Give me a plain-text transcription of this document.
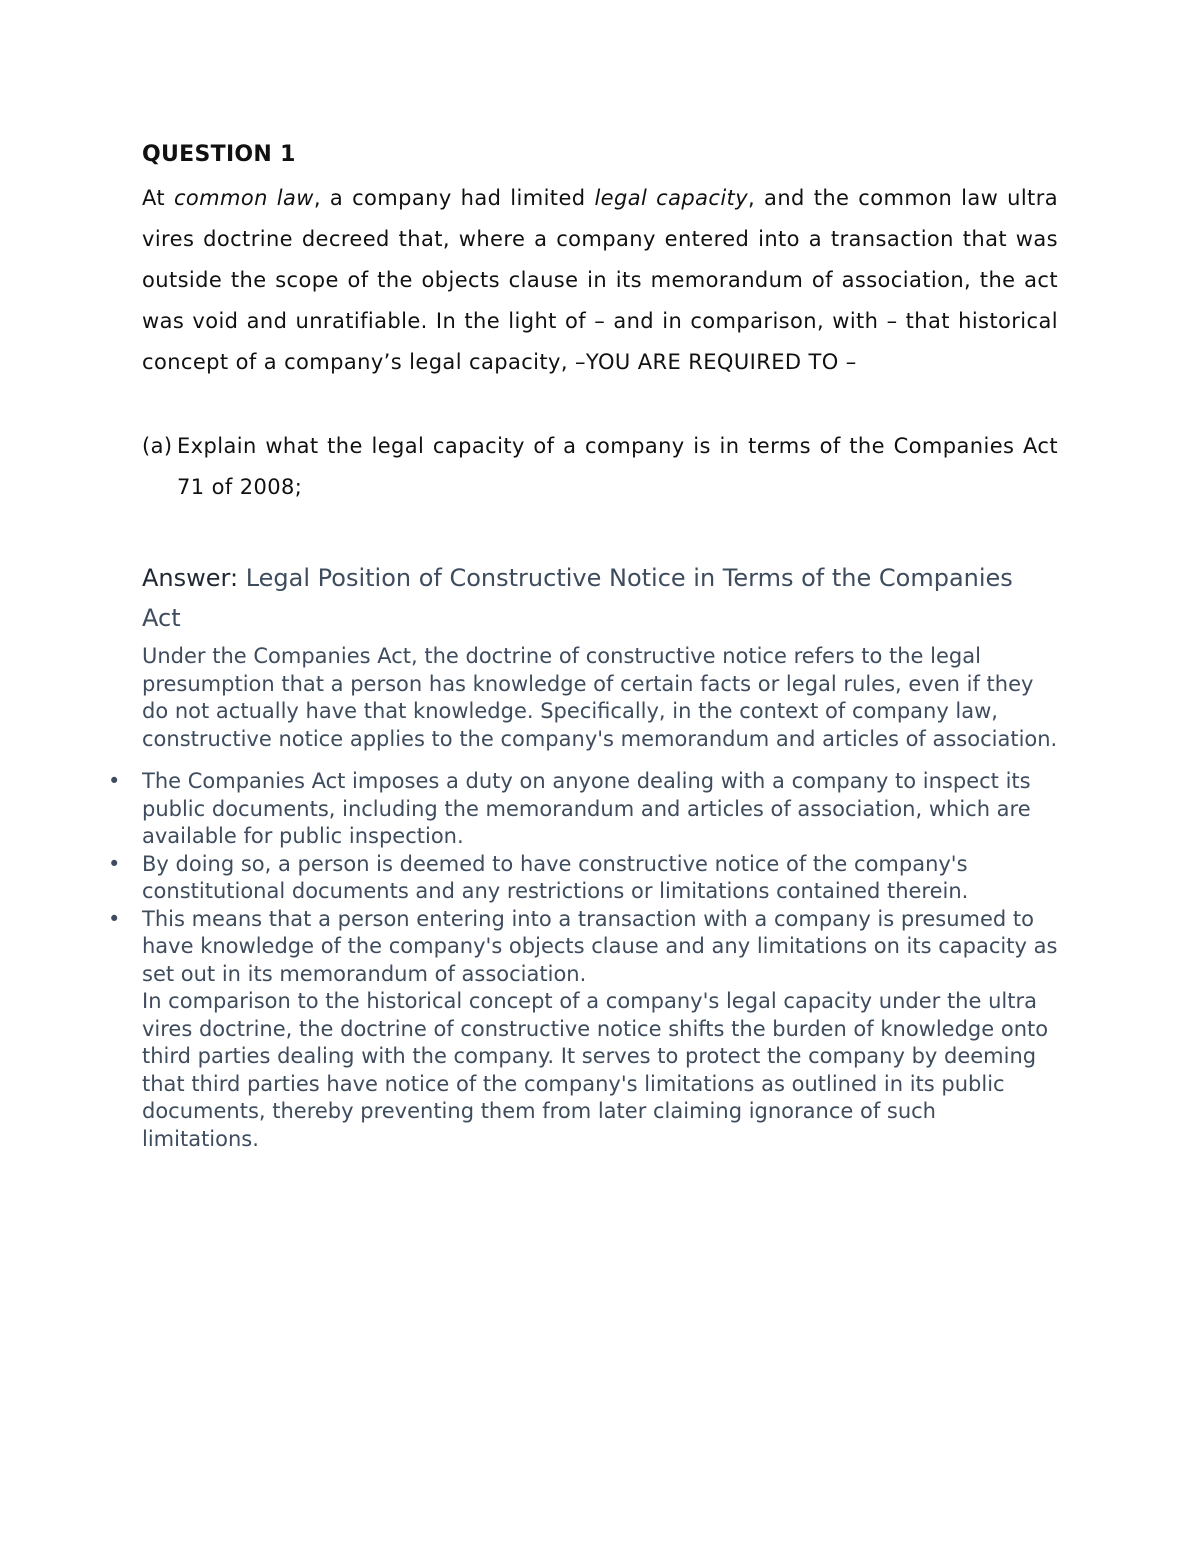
QUESTION 1

At common law, a company had limited legal capacity, and the common law ultra vires doctrine decreed that, where a company entered into a transaction that was outside the scope of the objects clause in its memorandum of association, the act was void and unratifiable. In the light of – and in comparison, with – that historical concept of a company’s legal capacity, –YOU ARE REQUIRED TO –

(a) Explain what the legal capacity of a company is in terms of the Companies Act 71 of 2008;
Answer: Legal Position of Constructive Notice in Terms of the Companies Act
Under the Companies Act, the doctrine of constructive notice refers to the legal presumption that a person has knowledge of certain facts or legal rules, even if they do not actually have that knowledge. Specifically, in the context of company law, constructive notice applies to the company's memorandum and articles of association.
• The Companies Act imposes a duty on anyone dealing with a company to inspect its public documents, including the memorandum and articles of association, which are available for public inspection.
• By doing so, a person is deemed to have constructive notice of the company's constitutional documents and any restrictions or limitations contained therein.
• This means that a person entering into a transaction with a company is presumed to have knowledge of the company's objects clause and any limitations on its capacity as set out in its memorandum of association.
In comparison to the historical concept of a company's legal capacity under the ultra vires doctrine, the doctrine of constructive notice shifts the burden of knowledge onto third parties dealing with the company. It serves to protect the company by deeming that third parties have notice of the company's limitations as outlined in its public documents, thereby preventing them from later claiming ignorance of such limitations.
